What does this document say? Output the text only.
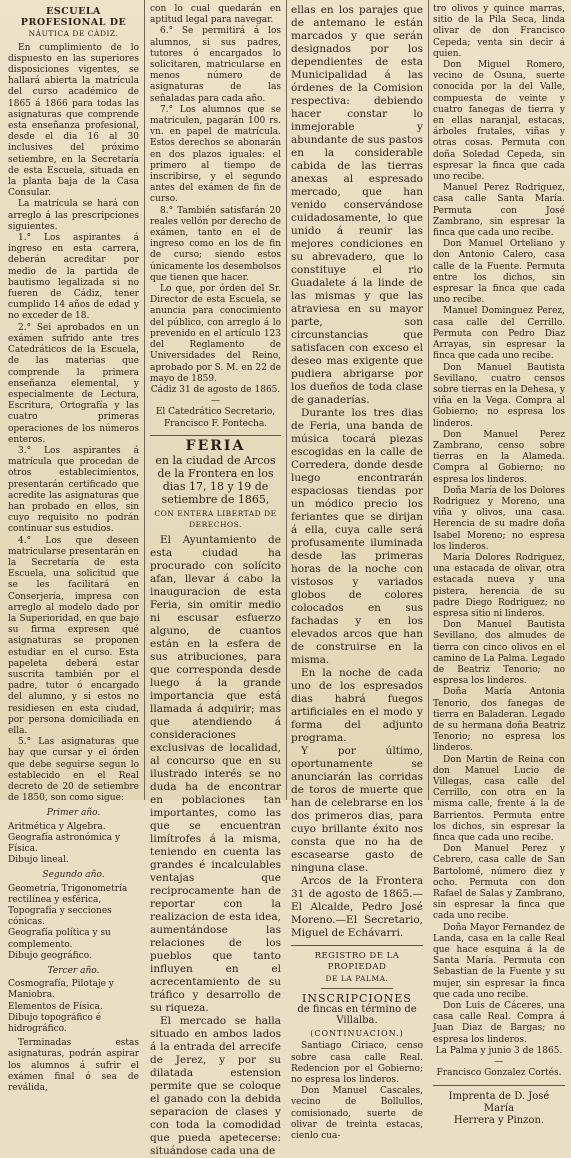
ESCUELA PROFESIONAL DE
NÁUTICA DE CÁDIZ.

En cumplimiento de lo dispuesto en las superiores disposiciones vigentes, se hallará abierta la matrícula del curso académico de 1865 á 1866 para todas las asignaturas que comprende esta enseñanza profesional, desde el dia 16 al 30 inclusives del próximo setiembre, en la Secretaría de esta Escuela, situada en la planta baja de la Casa Consular.

La matrícula se hará con arreglo á las prescripciones siguientes.

1.° Los aspirantes á ingreso en esta carrera, deberán acreditar por medio de la partida de bautismo legalizada si no fueren de Cádiz, tener cumplido 14 años de edad y no exceder de 18.

2.° Sei aprobados en un exámen sufrido ante tres Catedráticos de la Escuela, de las materias que comprende la primera enseñanza elemental, y especialmente de Lectura, Escritura, Ortografía y las cuatro primeras operaciones de los números enteros.

3.° Los aspirantes á matrícula que procedan de otros establecimientos, presentarán certificado que acredite las asignaturas que han probado en ellos, sin cuyo requisito no podrán continuar sus estudios.

4.° Los que deseen matricularse presentarán en la Secretaría de esta Escuela, una solicitud que se les facilitará en Conserjería, impresa con arreglo al modelo dado por la Superioridad, en que bajo su firma expresen qué asignaturas se proponen estudiar en el curso. Esta papeleta deberá estar suscrita también por el padre, tutor ó encargado del alumno, y si estos no residiesen en esta ciudad, por persona domiciliada en ella.

5.° Las asignaturas que hay que cursar y el órden que debe seguirse segun lo establecido en el Real decreto de 20 de setiembre de 1850, son como sigue:

Primer año.

Aritmética y Algebra.

Geografía astronómica y Física.

Dibujo lineal.

Segundo año.

Geometría, Trigonometría rectilínea y esférica, Topografía y secciones cónicas.

Geografía política y su complemento.

Dibujo geográfico.

Tercer año.

Cosmografía, Pilotaje y Maniobra.

Elementos de Física.

Dibujo topográfico é hidrográfico.

Terminadas estas asignaturas, podrán aspirar los alumnos á sufrir el exámen final ó sea de reválida,

con lo cual quedarán en aptitud legal para navegar.

6.° Se permitirá á los alumnos, si sus padres, tutores ó encargados lo solicitaren, matricularse en menos número de asignaturas de las señaladas para cada año.

7.° Los alumnos que se matriculen, pagarán 100 rs. vn. en papel de matrícula. Estos derechos se abonarán en dos plazos iguales: el primero al tiempo de inscribirse, y el segundo antes del exámen de fin de curso.

8.° También satisfarán 20 reales vellón por derecho de exámen, tanto en el de ingreso como en los de fin de curso; siendo estos únicamente los desembolsos que tienen que hacer.

Lo que, por órden del Sr. Director de esta Escuela, se anuncia para conocimiento del público, con arreglo á lo prevenido en el artículo 123 del Reglamento de Universidades del Reino, aprobado por S. M. en 22 de mayo de 1859.

Cádiz 31 de agosto de 1865.—

El Catedrático Secretario, Francisco F. Fontecha.

FERIA
en la ciudad de Arcos de la Frontera en los dias 17, 18 y 19 de setiembre de 1865,
CON ENTERA LIBERTAD DE DERECHOS.

El Ayuntamiento de esta ciudad ha procurado con solícito afan, llevar á cabo la inauguracion de esta Feria, sin omitir medio ni escusar esfuerzo alguno, de cuantos están en la esfera de sus atribuciones, para que corresponda desde luego á la grande importancia que está llamada á adquirir; mas que atendiendo á consideraciones exclusivas de localidad, al concurso que en su ilustrado interés se no duda ha de encontrar en poblaciones tan importantes, como las que se encuentran limítrofes á la misma, teniendo en cuenta las grandes é incalculables ventajas que reciprocamente han de reportar con la realizacion de esta idea, aumentándose las relaciones de los pueblos que tanto influyen en el acrecentamiento de su tráfico y desarrollo de su riqueza.

El mercado se halla situado en ambos lados á la entrada del arrecife de Jerez, y por su dilatada estension permite que se coloque el ganado con la debida separacion de clases y con toda la comodidad que pueda apetecerse: situándose cada una de

ellas en los parajes que de antemano le están marcados y que serán designados por los dependientes de esta Municipalidad á las órdenes de la Comision respectiva: debiendo hacer constar lo inmejorable y abundante de sus pastos en la considerable cabida de las tierras anexas al espresado mercado, que han venido conservándose cuidadosamente, lo que unido á reunir las mejores condiciones en su abrevadero, que lo constituye el rio Guadalete á la linde de las mismas y que las atraviesa en su mayor parte, son circunstancias que satisfacen con exceso el deseo mas exigente que pudiera abrigarse por los dueños de toda clase de ganaderías.

Durante los tres dias de Feria, una banda de música tocará piezas escogidas en la calle de Corredera, donde desde luego encontrarán espaciosas tiendas por un módico precio los feriantes que se dirijan á ella, cuya calle será profusamente iluminada desde las primeras horas de la noche con vistosos y variados globos de colores colocados en sus fachadas y en los elevados arcos que han de construirse en la misma.

En la noche de cada uno de los espresados dias habrá fuegos artificiales en el modo y forma del adjunto programa.

Y por último, oportunamente se anunciarán las corridas de toros de muerte que han de celebrarse en los dos primeros dias, para cuyo brillante éxito nos consta que no ha de escasearse gasto de ninguna clase.

Arcos de la Frontera 31 de agosto de 1865.—El Alcalde, Pedro José Moreno.—El Secretario, Miguel de Echávarri.

REGISTRO DE LA PROPIEDAD
DE LA PALMA.
INSCRIPCIONES
de fincas en término de Villalba.
(CONTINUACION.)

Santiago Ciriaco, censo sobre casa calle Real. Redencion por el Gobierno; no espresa los linderos.

Don Manuel Cascales, vecino de Bollullos, comisionado, suerte de olivar de treinta estacas, cienlo cua-

tro olivos y quince marras, sitio de la Pila Seca, linda olivar de don Francisco Cepeda; venta sin decir á quien.

Don Miguel Romero, vecino de Osuna, suerte conocida por la del Valle, compuesta de veinte y cuatro fanegas de tierra y en ellas naranjal, estacas, árboles frutales, viñas y otras cosas. Permuta con doña Soledad Cepeda, sin espresar la finca que cada uno recibe.

Manuel Perez Rodriguez, casa calle Santa María. Permuta con José Zambrano, sin espresar la finca que cada uno recibe.

Don Manuel Orteliano y don Antonio Calero, casa calle de la Fuente. Permuta entre los dichos, sin espresar la finca que cada uno recibe.

Manuel Dominguez Perez, casa calle del Cerrillo. Permuta con Pedro Diaz Arrayas, sin espresar la finca que cada uno recibe.

Don Manuel Bautista Sevillano, cuatro censos sobre tierras en la Dehesa, y viña en la Vega. Compra al Gobierno; no espresa los linderos.

Don Manuel Perez Zambrano, censo sobre tierras en la Alameda. Compra al Gobierno; no espresa los linderos.

Doña María de los Dolores Rodriguez y Moreno, una viña y olivos, una casa. Herencia de su madre doña Isabel Moreno; no espresa los linderos.

María Dolores Rodriguez, una estacada de olivar, otra estacada nueva y una pistera, herencia de su padre Diego Rodriguez; no espresa sitio ni linderos.

Don Manuel Bautista Sevillano, dos almudes de tierra con cinco olivos en el camino de La Palma. Legado de Beatriz Tenorio; no espresa los linderos.

Doña María Antonia Tenorio, dos fanegas de tierra en Baladeran. Legado de su hermana doña Beatriz Tenorio; no espresa los linderos.

Don Martin de Reina con don Manuel Lucio de Villegas, casa calle del Cerrillo, con otra en la misma calle, frente á la de Barrientos. Permuta entre los dichos, sin espresar la finca que cada uno recibe.

Don Manuel Perez y Cebrero, casa calle de San Bartolomé, número diez y ocho. Permuta con don Rafael de Salas y Zambrano, sin espresar la finca que cada uno recibe.

Doña Mayor Fernandez de Landa, casa en la calle Real que hace esquina á la de Santa María. Permuta con Sebastian de la Fuente y su mujer, sin espresar la finca que cada uno recibe.

Don Luis de Cáceres, una casa calle Real. Compra á Juan Diaz de Bargas; no espresa los linderos.

La Palma y junio 3 de 1865.—

Francisco Gonzalez Cortés.

Imprenta de D. José María
Herrera y Pinzon.
